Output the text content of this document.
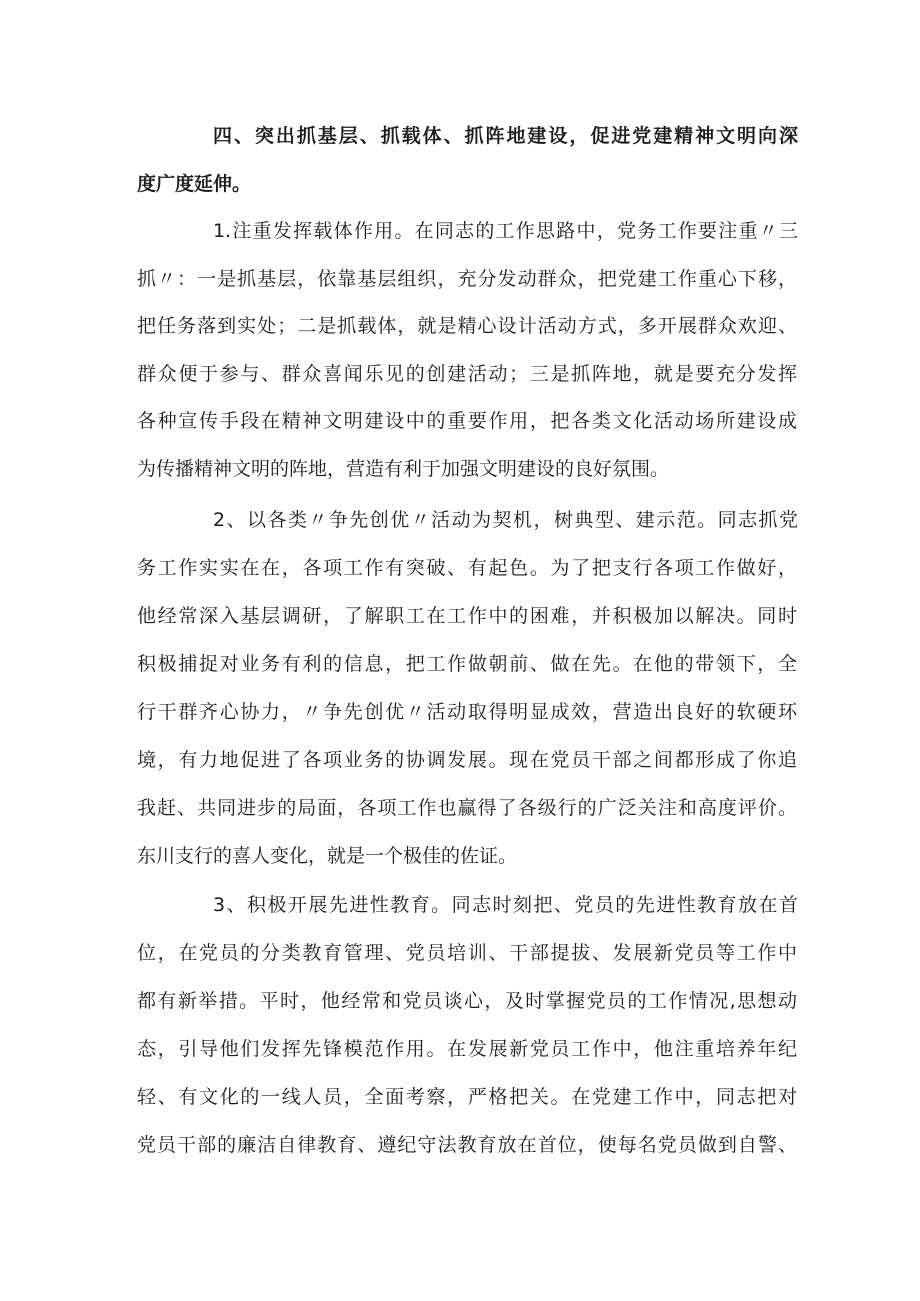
四、突出抓基层、抓载体、抓阵地建设，促进党建精神文明向深
度广度延伸。
1.注重发挥载体作用。在同志的工作思路中，党务工作要注重〃三
抓〃：一是抓基层，依靠基层组织，充分发动群众，把党建工作重心下移，
把任务落到实处；二是抓载体，就是精心设计活动方式，多开展群众欢迎、
群众便于参与、群众喜闻乐见的创建活动；三是抓阵地，就是要充分发挥
各种宣传手段在精神文明建设中的重要作用，把各类文化活动场所建设成
为传播精神文明的阵地，营造有利于加强文明建设的良好氛围。
2、以各类〃争先创优〃活动为契机，树典型、建示范。同志抓党
务工作实实在在，各项工作有突破、有起色。为了把支行各项工作做好，
他经常深入基层调研，了解职工在工作中的困难，并积极加以解决。同时
积极捕捉对业务有利的信息，把工作做朝前、做在先。在他的带领下，全
行干群齐心协力，〃争先创优〃活动取得明显成效，营造出良好的软硬环
境，有力地促进了各项业务的协调发展。现在党员干部之间都形成了你追
我赶、共同进步的局面，各项工作也赢得了各级行的广泛关注和高度评价。
东川支行的喜人变化，就是一个极佳的佐证。
3、积极开展先进性教育。同志时刻把、党员的先进性教育放在首
位，在党员的分类教育管理、党员培训、干部提拔、发展新党员等工作中
都有新举措。平时，他经常和党员谈心，及时掌握党员的工作情况,思想动
态，引导他们发挥先锋模范作用。在发展新党员工作中，他注重培养年纪
轻、有文化的一线人员，全面考察，严格把关。在党建工作中，同志把对
党员干部的廉洁自律教育、遵纪守法教育放在首位，使每名党员做到自警、
